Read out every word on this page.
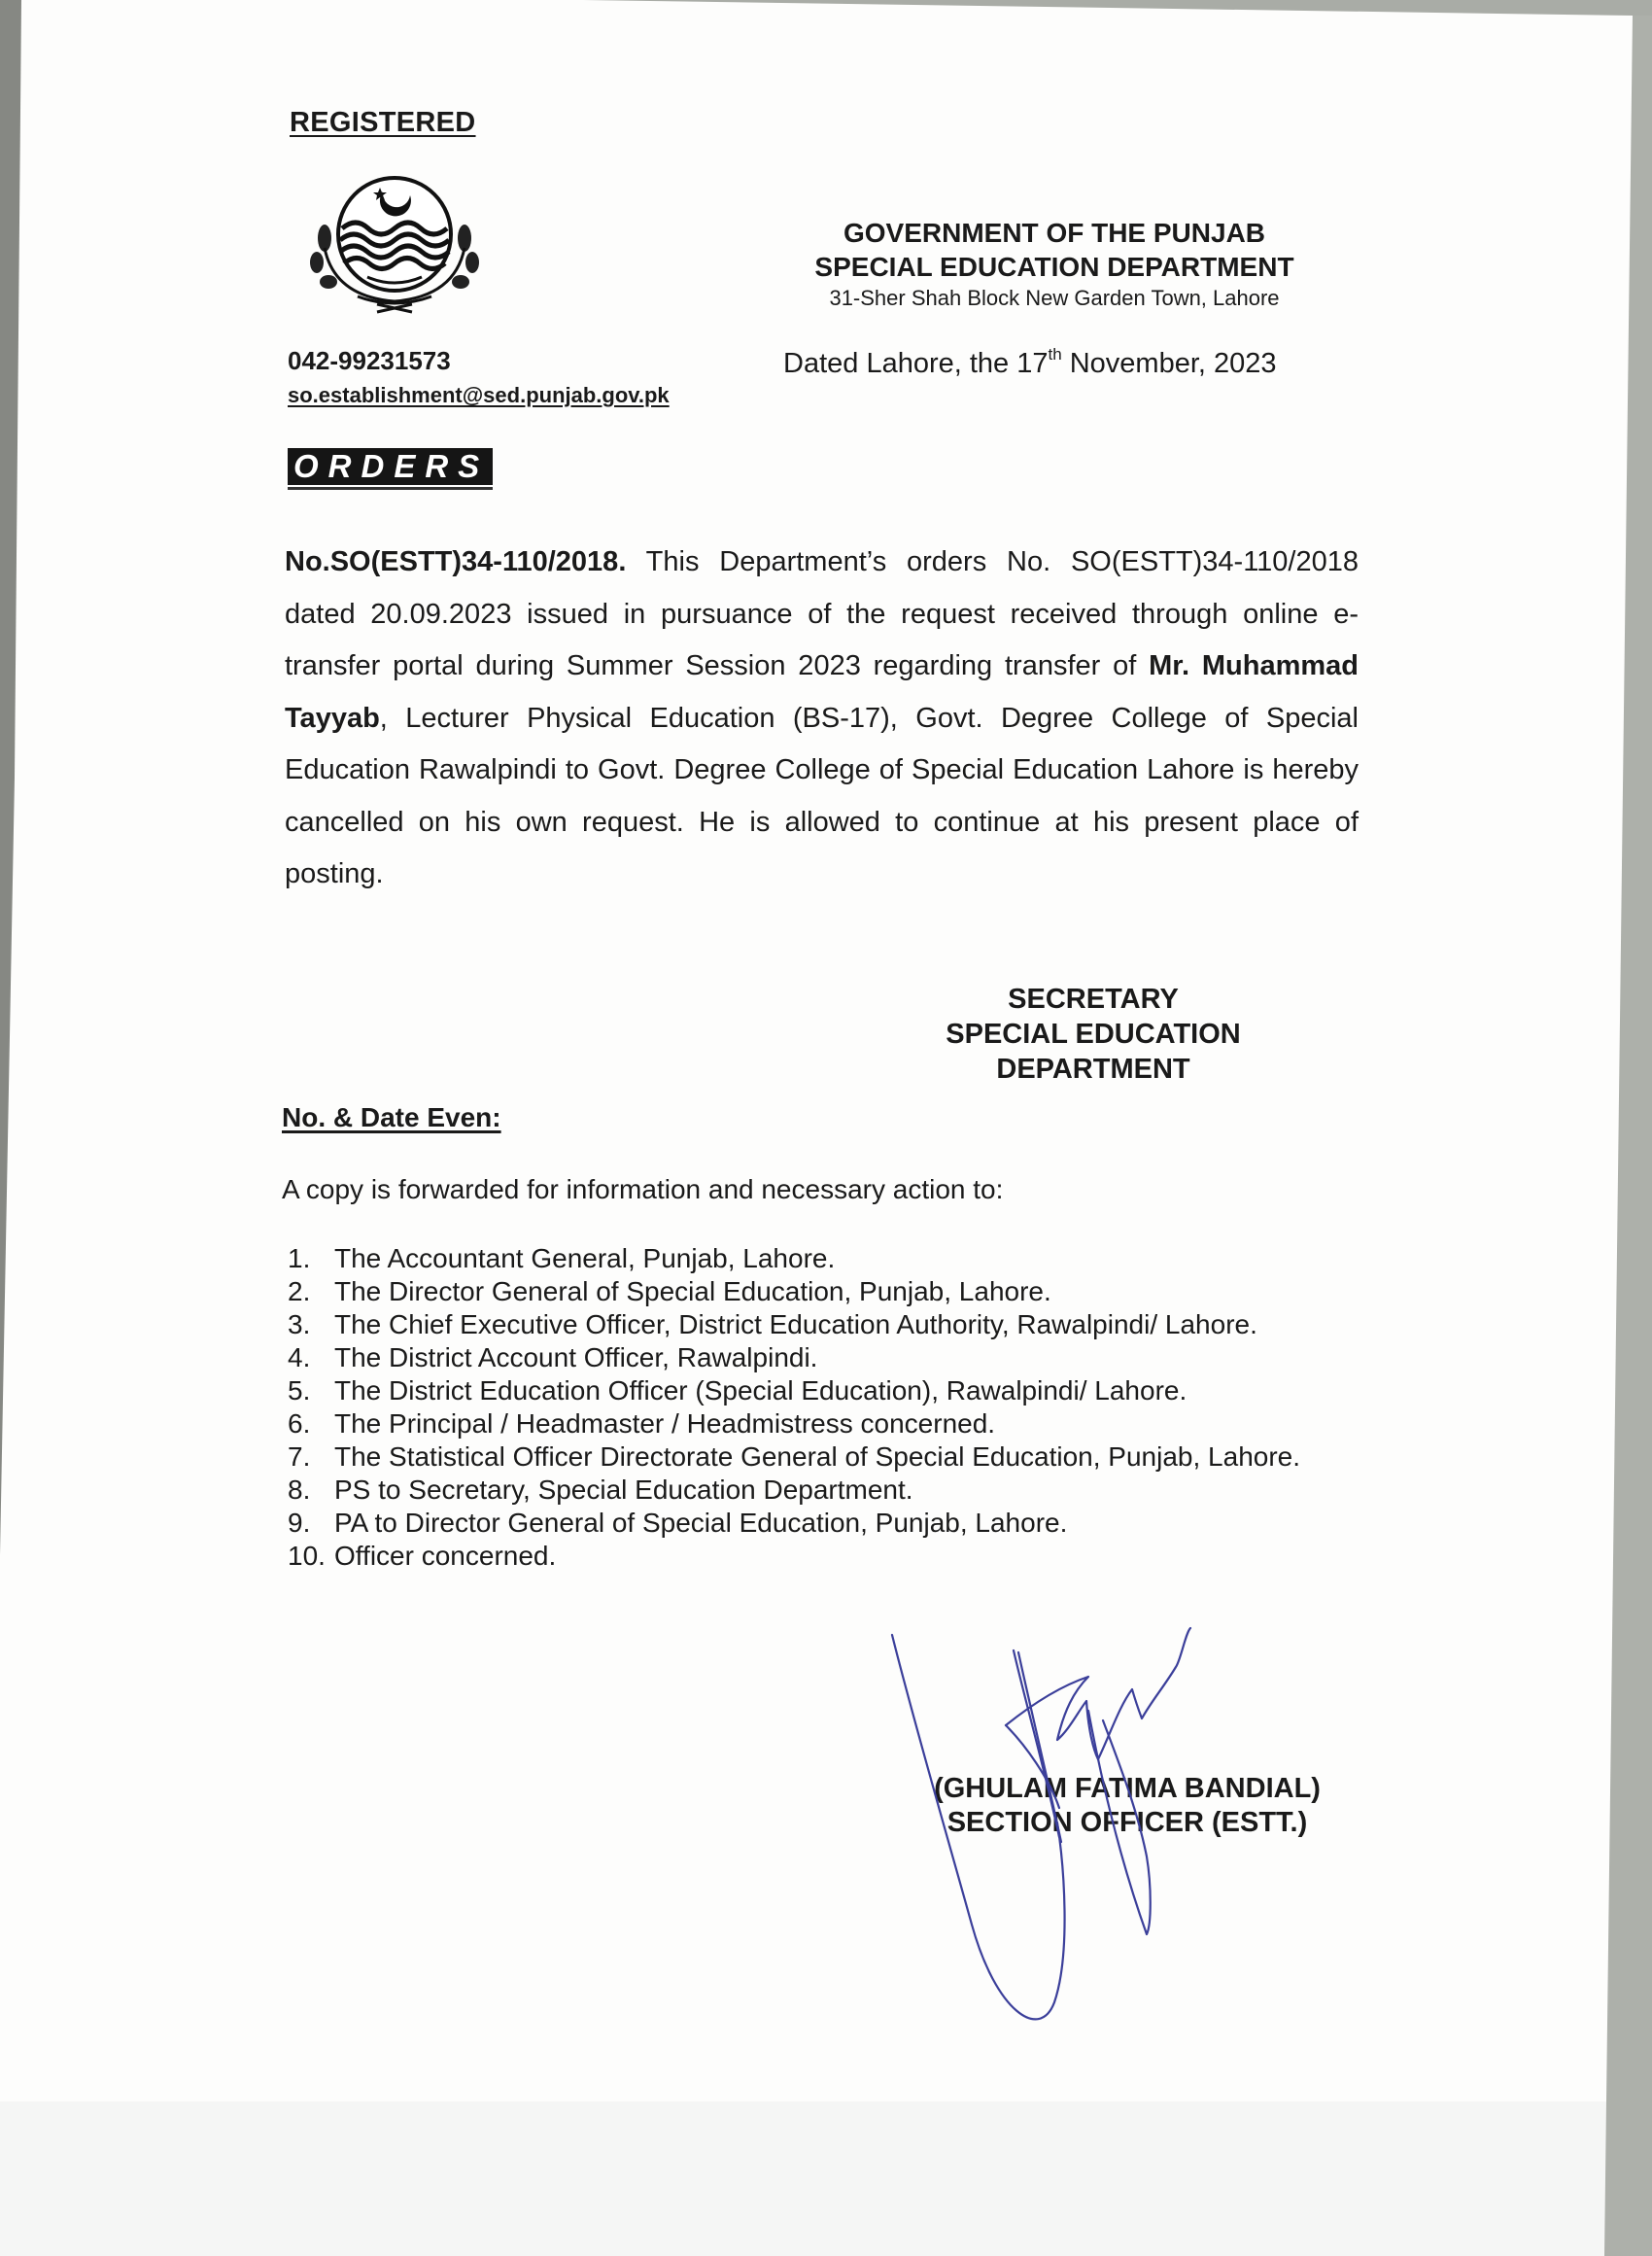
REGISTERED
042-99231573
so.establishment@sed.punjab.gov.pk
GOVERNMENT OF THE PUNJAB
SPECIAL EDUCATION DEPARTMENT
31-Sher Shah Block New Garden Town, Lahore
Dated Lahore, the 17th November, 2023
ORDERS
No.SO(ESTT)34-110/2018. This Department’s orders No. SO(ESTT)34-110/2018 dated 20.09.2023 issued in pursuance of the request received through online e-transfer portal during Summer Session 2023 regarding transfer of Mr. Muhammad Tayyab, Lecturer Physical Education (BS-17), Govt. Degree College of Special Education Rawalpindi to Govt. Degree College of Special Education Lahore is hereby cancelled on his own request. He is allowed to continue at his present place of posting.
SECRETARY
SPECIAL EDUCATION
DEPARTMENT
No. & Date Even:
A copy is forwarded for information and necessary action to:
1. The Accountant General, Punjab, Lahore.
2. The Director General of Special Education, Punjab, Lahore.
3. The Chief Executive Officer, District Education Authority, Rawalpindi/ Lahore.
4. The District Account Officer, Rawalpindi.
5. The District Education Officer (Special Education), Rawalpindi/ Lahore.
6. The Principal / Headmaster / Headmistress concerned.
7. The Statistical Officer Directorate General of Special Education, Punjab, Lahore.
8. PS to Secretary, Special Education Department.
9. PA to Director General of Special Education, Punjab, Lahore.
10. Officer concerned.
(GHULAM FATIMA BANDIAL)
SECTION OFFICER (ESTT.)
